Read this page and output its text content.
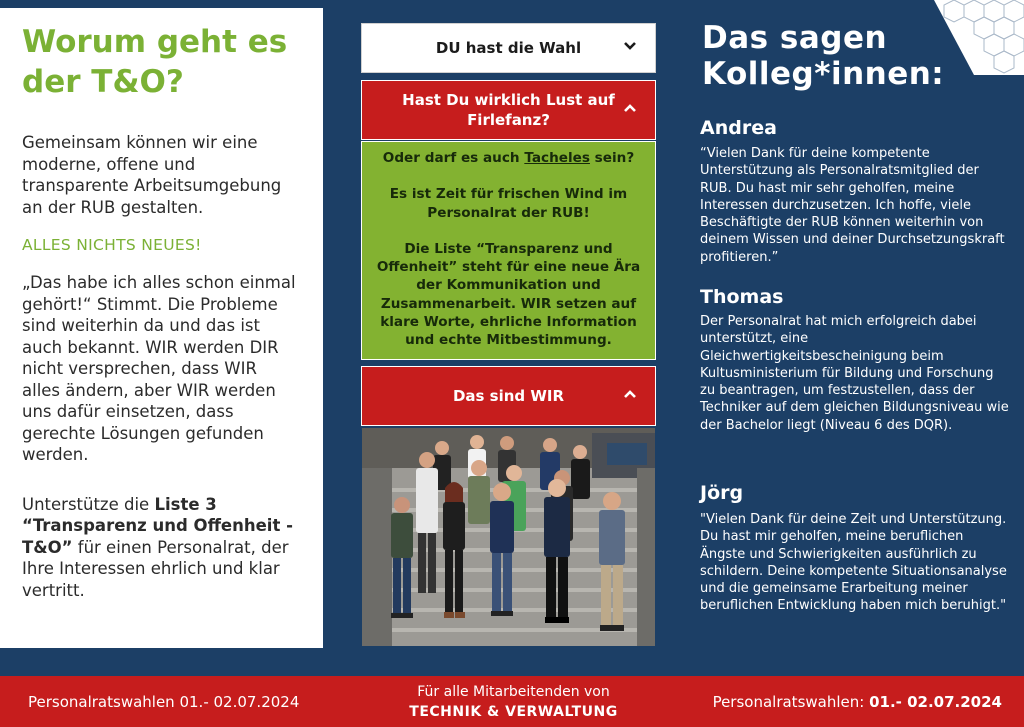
Worum geht es der T&O?

Gemeinsam können wir eine moderne, offene und transparente Arbeitsumgebung an der RUB gestalten.

ALLES NICHTS NEUES!

„Das habe ich alles schon einmal gehört!“ Stimmt. Die Probleme sind weiterhin da und das ist auch bekannt. WIR werden DIR nicht versprechen, dass WIR alles ändern, aber WIR werden uns dafür einsetzen, dass gerechte Lösungen gefunden werden.

Unterstütze die Liste 3 “Transparenz und Offenheit - T&O” für einen Personalrat, der Ihre Interessen ehrlich und klar vertritt.

DU hast die Wahl
Hast Du wirklich Lust auf Firlefanz?

Oder darf es auch Tacheles sein?

Es ist Zeit für frischen Wind im Personalrat der RUB!

Die Liste “Transparenz und Offenheit” steht für eine neue Ära der Kommunikation und Zusammenarbeit. WIR setzen auf klare Worte, ehrliche Information und echte Mitbestimmung.

Das sind WIR
Das sagen Kolleg*innen:
Andrea
“Vielen Dank für deine kompetente Unterstützung als Personalratsmitglied der RUB. Du hast mir sehr geholfen, meine Interessen durchzusetzen. Ich hoffe, viele Beschäftigte der RUB können weiterhin von deinem Wissen und deiner Durchsetzungskraft profitieren.”
Thomas
Der Personalrat hat mich erfolgreich dabei unterstützt, eine Gleichwertigkeitsbescheinigung beim Kultusministerium für Bildung und Forschung zu beantragen, um festzustellen, dass der Techniker auf dem gleichen Bildungsniveau wie der Bachelor liegt (Niveau 6 des DQR).
Jörg
"Vielen Dank für deine Zeit und Unterstützung. Du hast mir geholfen, meine beruflichen Ängste und Schwierigkeiten ausführlich zu schildern. Deine kompetente Situationsanalyse und die gemeinsame Erarbeitung meiner beruflichen Entwicklung haben mich beruhigt."
Personalratswahlen 01.- 02.07.2024
Für alle Mitarbeitenden von
TECHNIK & VERWALTUNG
Personalratswahlen: 01.- 02.07.2024
